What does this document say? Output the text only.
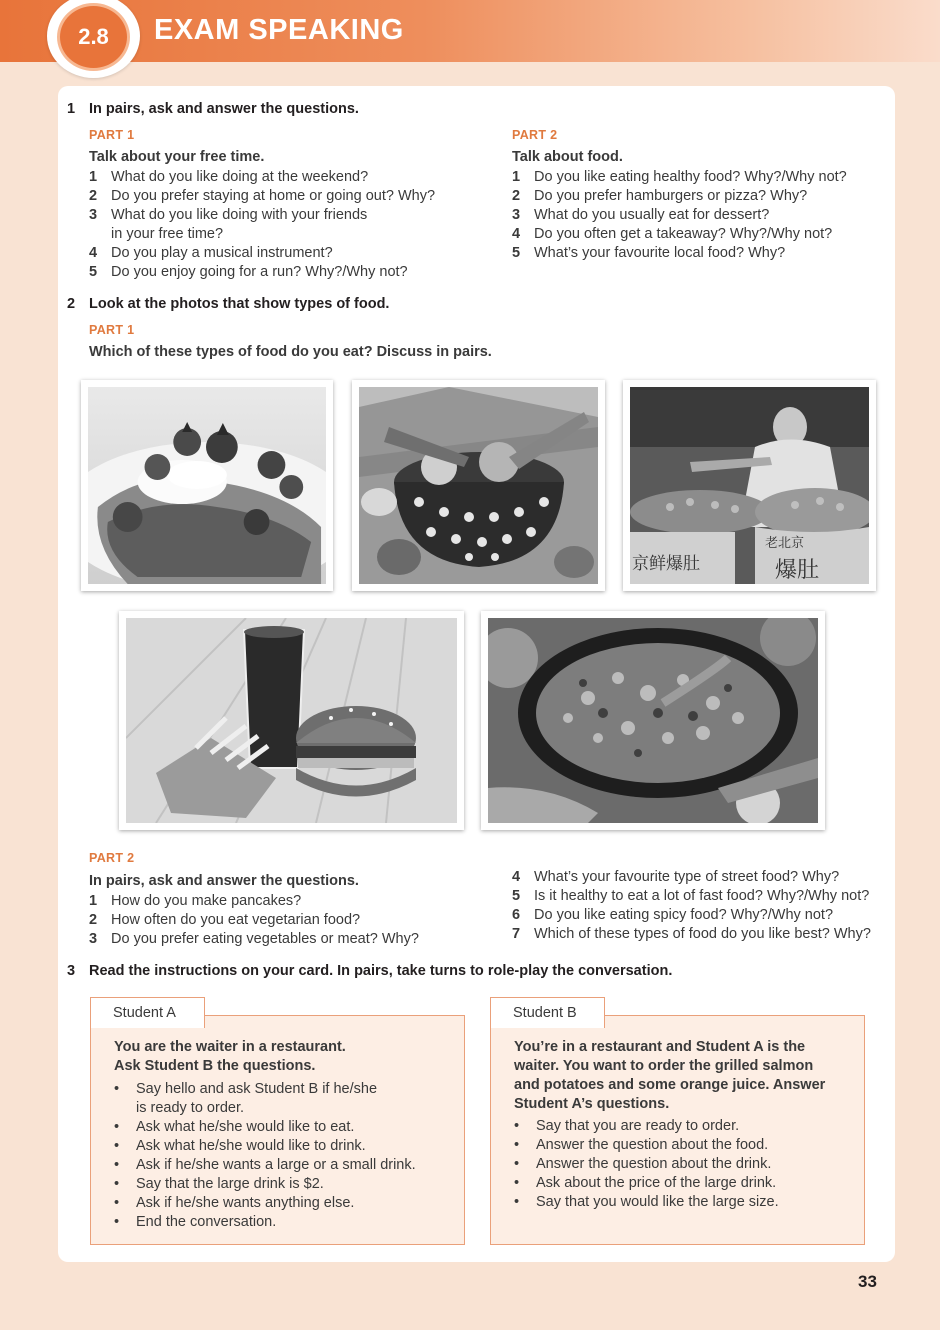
2.8	EXAM SPEAKING
1 In pairs, ask and answer the questions.
PART 1
Talk about your free time.
1 What do you like doing at the weekend?
2 Do you prefer staying at home or going out? Why?
3 What do you like doing with your friends
in your free time?
4 Do you play a musical instrument?
5 Do you enjoy going for a run? Why?/Why not?
PART 2
Talk about food.
1 Do you like eating healthy food? Why?/Why not?
2 Do you prefer hamburgers or pizza? Why?
3 What do you usually eat for dessert?
4 Do you often get a takeaway? Why?/Why not?
5 What’s your favourite local food? Why?
2 Look at the photos that show types of food.
PART 1
Which of these types of food do you eat? Discuss in pairs.
京鲜爆肚
老北京
爆肚
PART 2
In pairs, ask and answer the questions.
1 How do you make pancakes?
2 How often do you eat vegetarian food?
3 Do you prefer eating vegetables or meat? Why?
4 What’s your favourite type of street food? Why?
5 Is it healthy to eat a lot of fast food? Why?/Why not?
6 Do you like eating spicy food? Why?/Why not?
7 Which of these types of food do you like best? Why?
3 Read the instructions on your card. In pairs, take turns to role-play the conversation.
Student A
You are the waiter in a restaurant.
Ask Student B the questions.
•	Say hello and ask Student B if he/she
is ready to order.
•	Ask what he/she would like to eat.
•	Ask what he/she would like to drink.
•	Ask if he/she wants a large or a small drink.
•	Say that the large drink is $2.
•	Ask if he/she wants anything else.
•	End the conversation.
Student B
You’re in a restaurant and Student A is the
waiter. You want to order the grilled salmon
and potatoes and some orange juice. Answer
Student A’s questions.
•	Say that you are ready to order.
•	Answer the question about the food.
•	Answer the question about the drink.
•	Ask about the price of the large drink.
•	Say that you would like the large size.
33
